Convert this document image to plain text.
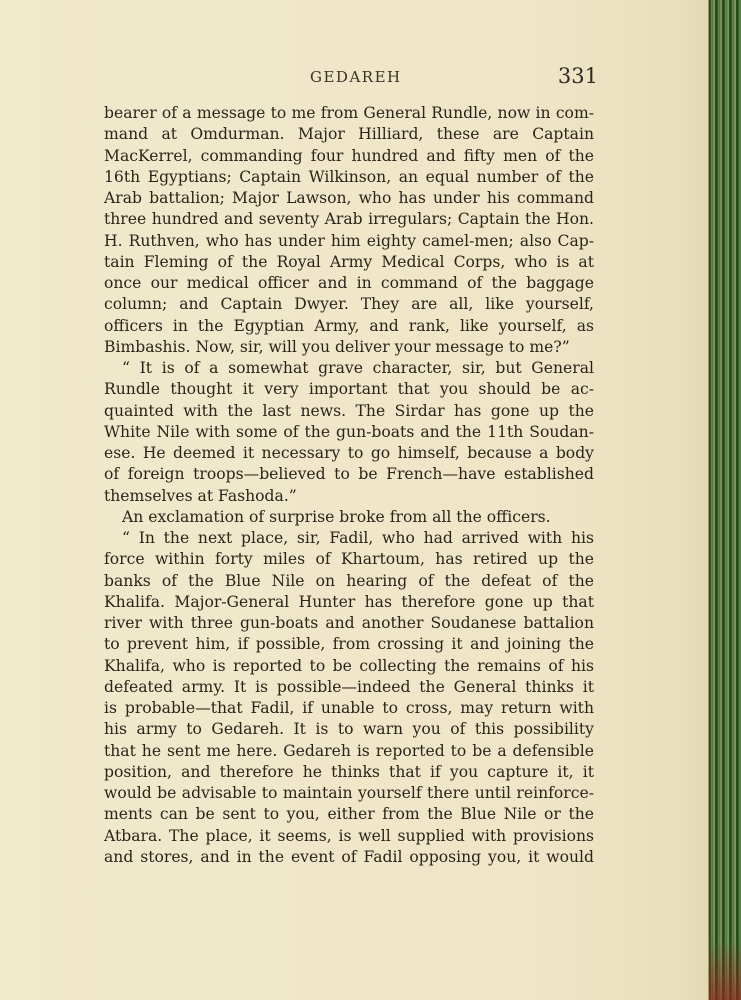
GEDAREH	331
bearer of a message to me from General Rundle, now in com-
mand at Omdurman. Major Hilliard, these are Captain
MacKerrel, commanding four hundred and fifty men of the
16th Egyptians; Captain Wilkinson, an equal number of the
Arab battalion; Major Lawson, who has under his command
three hundred and seventy Arab irregulars; Captain the Hon.
H. Ruthven, who has under him eighty camel-men; also Cap-
tain Fleming of the Royal Army Medical Corps, who is at
once our medical officer and in command of the baggage
column; and Captain Dwyer. They are all, like yourself,
officers in the Egyptian Army, and rank, like yourself, as
Bimbashis. Now, sir, will you deliver your message to me?”
“ It is of a somewhat grave character, sir, but General
Rundle thought it very important that you should be ac-
quainted with the last news. The Sirdar has gone up the
White Nile with some of the gun-boats and the 11th Soudan-
ese. He deemed it necessary to go himself, because a body
of foreign troops—believed to be French—have established
themselves at Fashoda.”
An exclamation of surprise broke from all the officers.
“ In the next place, sir, Fadil, who had arrived with his
force within forty miles of Khartoum, has retired up the
banks of the Blue Nile on hearing of the defeat of the
Khalifa. Major-General Hunter has therefore gone up that
river with three gun-boats and another Soudanese battalion
to prevent him, if possible, from crossing it and joining the
Khalifa, who is reported to be collecting the remains of his
defeated army. It is possible—indeed the General thinks it
is probable—that Fadil, if unable to cross, may return with
his army to Gedareh. It is to warn you of this possibility
that he sent me here. Gedareh is reported to be a defensible
position, and therefore he thinks that if you capture it, it
would be advisable to maintain yourself there until reinforce-
ments can be sent to you, either from the Blue Nile or the
Atbara. The place, it seems, is well supplied with provisions
and stores, and in the event of Fadil opposing you, it would
